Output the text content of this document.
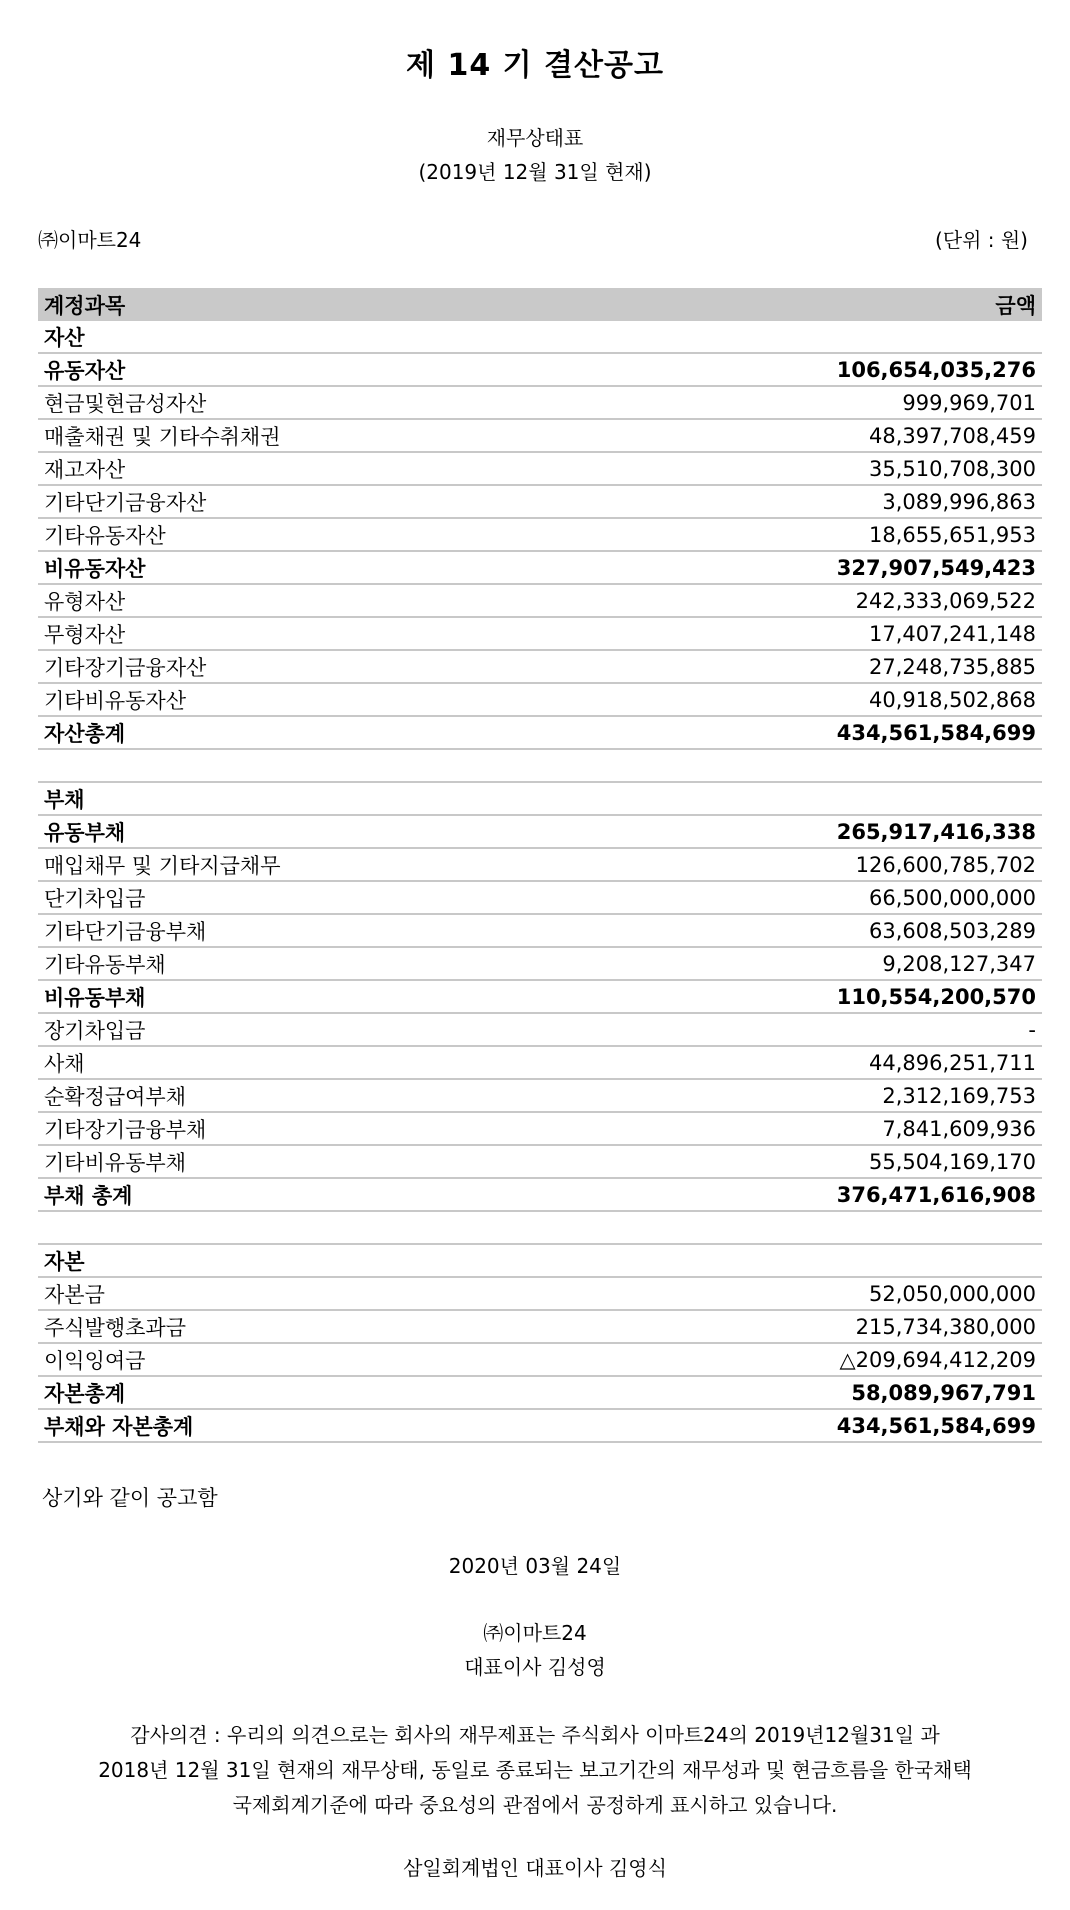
제 14 기 결산공고
재무상태표
(2019년 12월 31일 현재)
㈜이마트24	(단위 : 원)
계정과목	금액
자산	
유동자산	106,654,035,276
현금및현금성자산	999,969,701
매출채권 및 기타수취채권	48,397,708,459
재고자산	35,510,708,300
기타단기금융자산	3,089,996,863
기타유동자산	18,655,651,953
비유동자산	327,907,549,423
유형자산	242,333,069,522
무형자산	17,407,241,148
기타장기금융자산	27,248,735,885
기타비유동자산	40,918,502,868
자산총계	434,561,584,699

부채	
유동부채	265,917,416,338
매입채무 및 기타지급채무	126,600,785,702
단기차입금	66,500,000,000
기타단기금융부채	63,608,503,289
기타유동부채	9,208,127,347
비유동부채	110,554,200,570
장기차입금	-
사채	44,896,251,711
순확정급여부채	2,312,169,753
기타장기금융부채	7,841,609,936
기타비유동부채	55,504,169,170
부채 총계	376,471,616,908

자본	
자본금	52,050,000,000
주식발행초과금	215,734,380,000
이익잉여금	△209,694,412,209
자본총계	58,089,967,791
부채와 자본총계	434,561,584,699
상기와 같이 공고함
2020년 03월 24일
㈜이마트24
대표이사 김성영
감사의견 : 우리의 의견으로는 회사의 재무제표는 주식회사 이마트24의 2019년12월31일 과
2018년 12월 31일 현재의 재무상태, 동일로 종료되는 보고기간의 재무성과 및 현금흐름을 한국채택
국제회계기준에 따라 중요성의 관점에서 공정하게 표시하고 있습니다.
삼일회계법인 대표이사 김영식
